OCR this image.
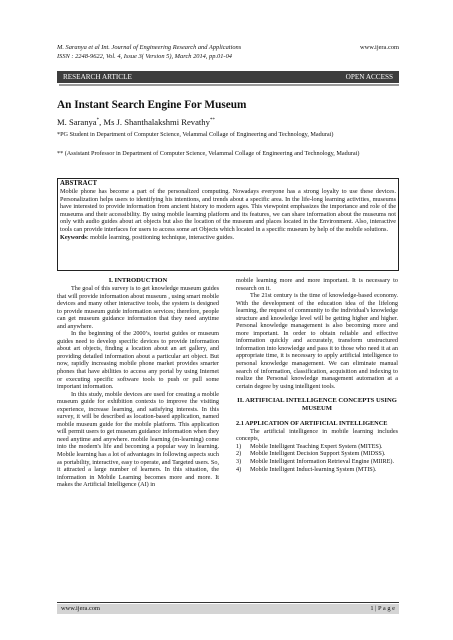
M. Saranya et al Int. Journal of Engineering Research and Applications
ISSN : 2248-9622, Vol. 4, Issue 3( Version 5), March 2014, pp.01-04
www.ijera.com
RESEARCH ARTICLE	OPEN ACCESS
An Instant Search Engine For Museum
M. Saranya*, Ms J. Shanthalakshmi Revathy**
*PG Student in Department of Computer Science, Velammal Collage of Engineering and Technology, Madurai)
** (Assistant Professor in Department of Computer Science, Velammal Collage of Engineering and Technology, Madurai)
ABSTRACT
Mobile phone has become a part of the personalized computing. Nowadays everyone has a strong loyalty to use these devices. Personalization helps users to identifying his intentions, and trends about a specific area. In the life-long learning activities, museums have interested to provide information from ancient history to modern ages. This viewpoint emphasizes the importance and role of the museums and their accessibility. By using mobile learning platform and its features, we can share information about the museums not only with audio guides about art objects but also the location of the museum and places located in the Environment. Also, interactive tools can provide interfaces for users to access some art Objects which located in a specific museum by help of the mobile solutions.
Keywords: mobile learning, positioning technique, interactive guides.
I. INTRODUCTION
The goal of this survey is to get knowledge museum guides that will provide information about museum , using smart mobile devices and many other interactive tools, the system is designed to provide museum guide information services; therefore, people can get museum guidance information that they need anytime and anywhere.
In the beginning of the 2000’s, tourist guides or museum guides need to develop specific devices to provide information about art objects, finding a location about an art gallery, and providing detailed information about a particular art object. But now, rapidly increasing mobile phone market provides smarter phones that have abilities to access any portal by using Internet or executing specific software tools to push or pull some important information.
In this study, mobile devices are used for creating a mobile museum guide for exhibition contexts to improve the visiting experience, increase learning, and satisfying interests. In this survey, it will be described as location-based application, named mobile museum guide for the mobile platform. This application will permit users to get museum guidance information when they need anytime and anywhere. mobile learning (m-learning) come into the modern's life and becoming a popular way in learning. Mobile learning has a lot of advantages in following aspects such as portability, interactive, easy to operate, and Targeted users. So, it attracted a large number of learners. In this situation, the information in Mobile Learning becomes more and more. It makes the Artificial Intelligence (AI) in
mobile learning more and more important. It is necessary to research on it.
The 21st century is the time of knowledge-based economy. With the development of the education idea of the lifelong learning, the request of community to the individual's knowledge structure and knowledge level will be getting higher and higher. Personal knowledge management is also becoming more and more important. In order to obtain reliable and effective information quickly and accurately, transform unstructured information into knowledge and pass it to those who need it at an appropriate time, it is necessary to apply artificial intelligence to personal knowledge management. We can eliminate manual search of information, classification, acquisition and indexing to realize the Personal knowledge management automation at a certain degree by using intelligent tools.
II. ARTIFICIAL INTELLIGENCE CONCEPTS USING MUSEUM
2.1 APPLICATION OF ARTIFICIAL INTELLIGENCE
The artificial intelligence in mobile learning includes concepts,
1)	Mobile Intelligent Teaching Expert System (MITES).
2)	Mobile Intelligent Decision Support System (MIDSS).
3)	Mobile Intelligent Information Retrieval Engine (MIIRE).
4)	Mobile Intelligent Induct-learning System (MTIS).
www.ijera.com	1 | P a g e
